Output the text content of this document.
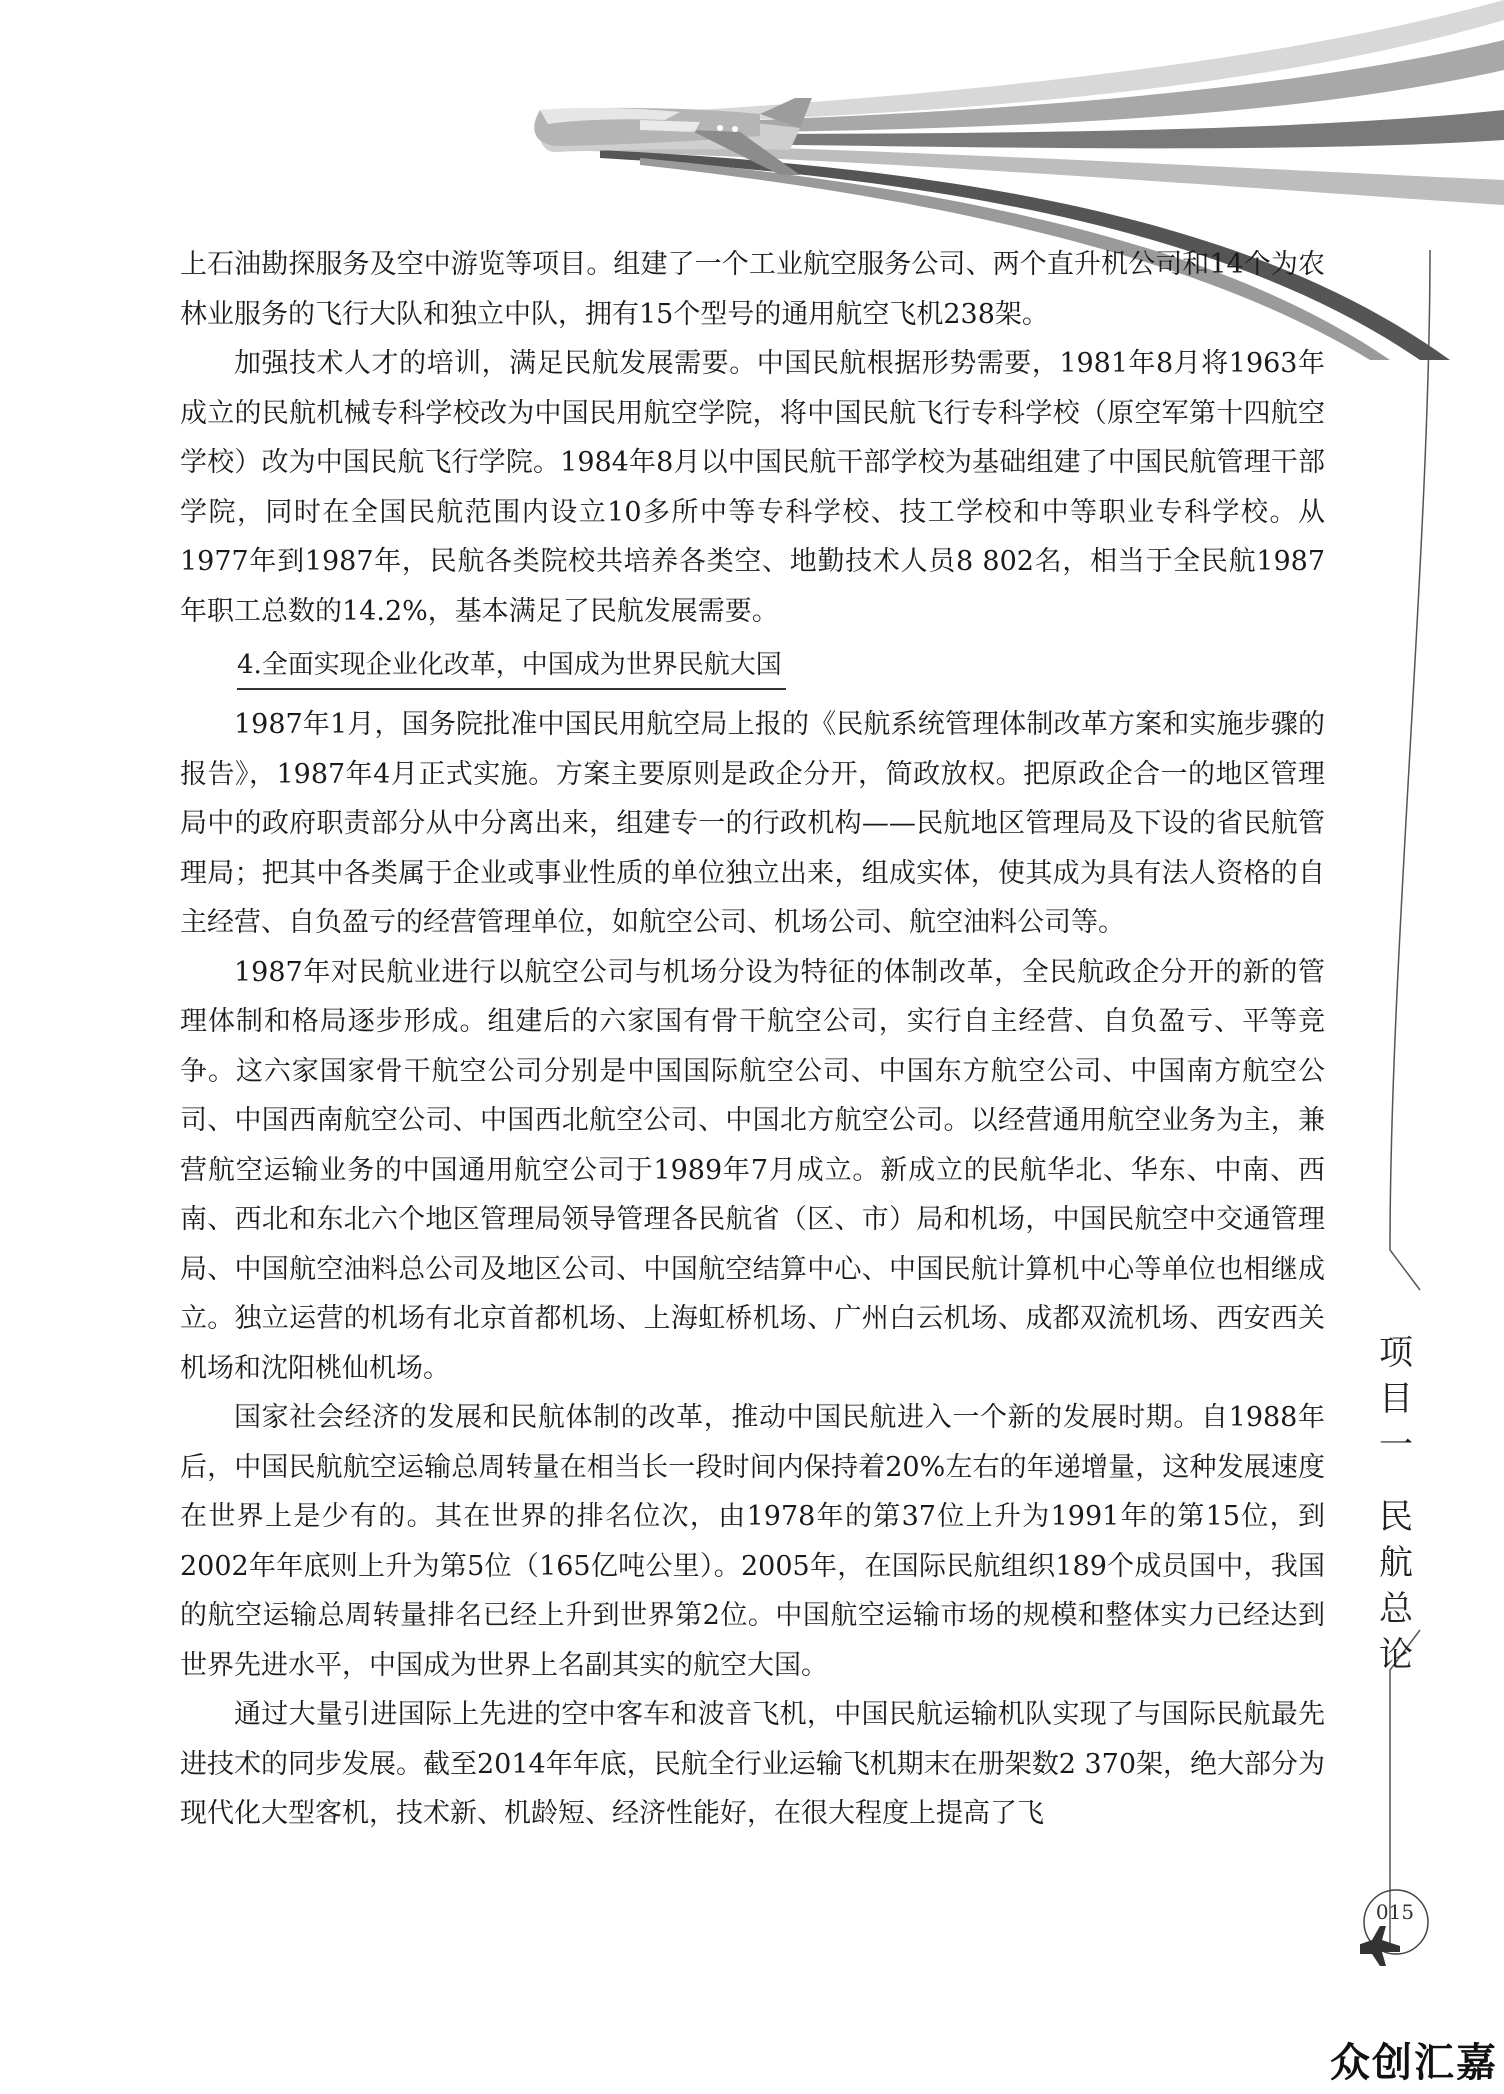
上石油勘探服务及空中游览等项目。组建了一个工业航空服务公司、两个直升机公司和14个为农林业服务的飞行大队和独立中队，拥有15个型号的通用航空飞机238架。

加强技术人才的培训，满足民航发展需要。中国民航根据形势需要，1981年8月将1963年成立的民航机械专科学校改为中国民用航空学院，将中国民航飞行专科学校（原空军第十四航空学校）改为中国民航飞行学院。1984年8月以中国民航干部学校为基础组建了中国民航管理干部学院，同时在全国民航范围内设立10多所中等专科学校、技工学校和中等职业专科学校。从1977年到1987年，民航各类院校共培养各类空、地勤技术人员8 802名，相当于全民航1987年职工总数的14.2%，基本满足了民航发展需要。

4.全面实现企业化改革，中国成为世界民航大国

1987年1月，国务院批准中国民用航空局上报的《民航系统管理体制改革方案和实施步骤的报告》，1987年4月正式实施。方案主要原则是政企分开，简政放权。把原政企合一的地区管理局中的政府职责部分从中分离出来，组建专一的行政机构——民航地区管理局及下设的省民航管理局；把其中各类属于企业或事业性质的单位独立出来，组成实体，使其成为具有法人资格的自主经营、自负盈亏的经营管理单位，如航空公司、机场公司、航空油料公司等。

1987年对民航业进行以航空公司与机场分设为特征的体制改革，全民航政企分开的新的管理体制和格局逐步形成。组建后的六家国有骨干航空公司，实行自主经营、自负盈亏、平等竞争。这六家国家骨干航空公司分别是中国国际航空公司、中国东方航空公司、中国南方航空公司、中国西南航空公司、中国西北航空公司、中国北方航空公司。以经营通用航空业务为主，兼营航空运输业务的中国通用航空公司于1989年7月成立。新成立的民航华北、华东、中南、西南、西北和东北六个地区管理局领导管理各民航省（区、市）局和机场，中国民航空中交通管理局、中国航空油料总公司及地区公司、中国航空结算中心、中国民航计算机中心等单位也相继成立。独立运营的机场有北京首都机场、上海虹桥机场、广州白云机场、成都双流机场、西安西关机场和沈阳桃仙机场。

国家社会经济的发展和民航体制的改革，推动中国民航进入一个新的发展时期。自1988年后，中国民航航空运输总周转量在相当长一段时间内保持着20%左右的年递增量，这种发展速度在世界上是少有的。其在世界的排名位次，由1978年的第37位上升为1991年的第15位，到2002年年底则上升为第5位（165亿吨公里）。2005年，在国际民航组织189个成员国中，我国的航空运输总周转量排名已经上升到世界第2位。中国航空运输市场的规模和整体实力已经达到世界先进水平，中国成为世界上名副其实的航空大国。

通过大量引进国际上先进的空中客车和波音飞机，中国民航运输机队实现了与国际民航最先进技术的同步发展。截至2014年年底，民航全行业运输飞机期末在册架数2 370架，绝大部分为现代化大型客机，技术新、机龄短、经济性能好，在很大程度上提高了飞

项
目
一
民
航
总
论
015
众创汇嘉
